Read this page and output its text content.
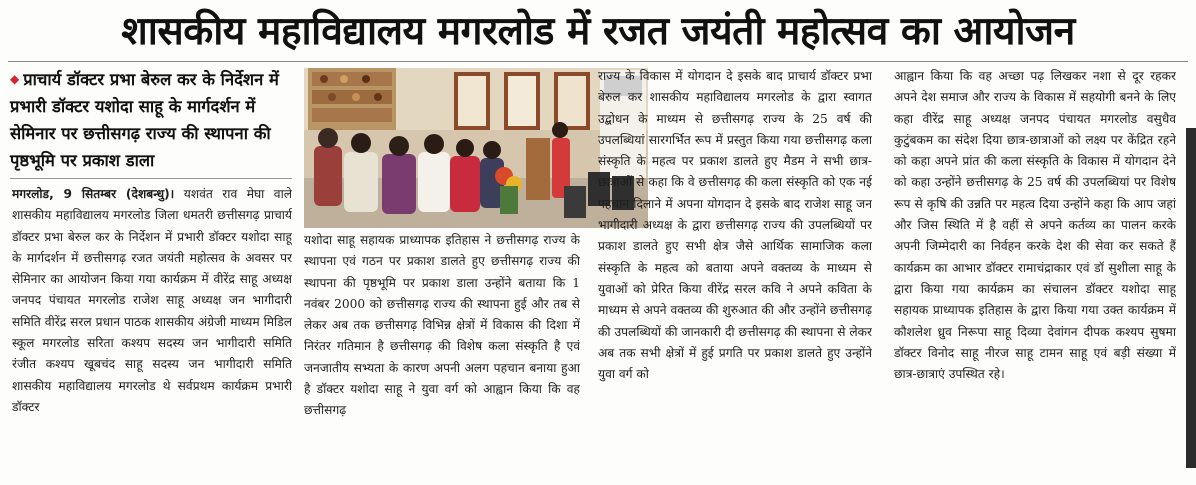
शासकीय महाविद्यालय मगरलोड में रजत जयंती महोत्सव का आयोजन
◆ प्राचार्य डॉक्टर प्रभा बेरुल कर के निर्देशन में प्रभारी डॉक्टर यशोदा साहू के मार्गदर्शन में सेमिनार पर छत्तीसगढ़ राज्य की स्थापना की पृष्ठभूमि पर प्रकाश डाला
मगरलोड, 9 सितम्बर (देशबन्धु)। यशवंत राव मेघा वाले शासकीय महाविद्यालय मगरलोड जिला धमतरी छत्तीसगढ़ प्राचार्य डॉक्टर प्रभा बेरुल कर के निर्देशन में प्रभारी डॉक्टर यशोदा साहू के मार्गदर्शन में छत्तीसगढ़ रजत जयंती महोत्सव के अवसर पर सेमिनार का आयोजन किया गया कार्यक्रम में वीरेंद्र साहू अध्यक्ष जनपद पंचायत मगरलोड राजेश साहू अध्यक्ष जन भागीदारी समिति वीरेंद्र सरल प्रधान पाठक शासकीय अंग्रेजी माध्यम मिडिल स्कूल मगरलोड सरिता कश्यप सदस्य जन भागीदारी समिति रंजीत कश्यप खूबचंद साहू सदस्य जन भागीदारी समिति शासकीय महाविद्यालय मगरलोड थे सर्वप्रथम कार्यक्रम प्रभारी डॉक्टर
यशोदा साहू सहायक प्राध्यापक इतिहास ने छत्तीसगढ़ राज्य के स्थापना एवं गठन पर प्रकाश डालते हुए छत्तीसगढ़ राज्य की स्थापना की पृष्ठभूमि पर प्रकाश डाला उन्होंने बताया कि 1 नवंबर 2000 को छत्तीसगढ़ राज्य की स्थापना हुई और तब से लेकर अब तक छत्तीसगढ़ विभिन्न क्षेत्रों में विकास की दिशा में निरंतर गतिमान है छत्तीसगढ़ की विशेष कला संस्कृति है एवं जनजातीय सभ्यता के कारण अपनी अलग पहचान बनाया हुआ है डॉक्टर यशोदा साहू ने युवा वर्ग को आह्वान किया कि वह छत्तीसगढ़
राज्य के विकास में योगदान दे इसके बाद प्राचार्य डॉक्टर प्रभा बेरुल कर शासकीय महाविद्यालय मगरलोड के द्वारा स्वागत उद्बोधन के माध्यम से छत्तीसगढ़ राज्य के 25 वर्ष की उपलब्धियां सारगर्भित रूप में प्रस्तुत किया गया छत्तीसगढ़ कला संस्कृति के महत्व पर प्रकाश डालते हुए मैडम ने सभी छात्र-छात्राओं से कहा कि वे छत्तीसगढ़ की कला संस्कृति को एक नई पहचान दिलाने में अपना योगदान दे इसके बाद राजेश साहू जन भागीदारी अध्यक्ष के द्वारा छत्तीसगढ़ राज्य की उपलब्धियों पर प्रकाश डालते हुए सभी क्षेत्र जैसे आर्थिक सामाजिक कला संस्कृति के महत्व को बताया अपने वक्तव्य के माध्यम से युवाओं को प्रेरित किया वीरेंद्र सरल कवि ने अपने कविता के माध्यम से अपने वक्तव्य की शुरुआत की और उन्होंने छत्तीसगढ़ की उपलब्धियों की जानकारी दी छत्तीसगढ़ की स्थापना से लेकर अब तक सभी क्षेत्रों में हुई प्रगति पर प्रकाश डालते हुए उन्होंने युवा वर्ग को
आह्वान किया कि वह अच्छा पढ़ लिखकर नशा से दूर रहकर अपने देश समाज और राज्य के विकास में सहयोगी बनने के लिए कहा वीरेंद्र साहू अध्यक्ष जनपद पंचायत मगरलोड वसुधैव कुटुंबकम का संदेश दिया छात्र-छात्राओं को लक्ष्य पर केंद्रित रहने को कहा अपने प्रांत की कला संस्कृति के विकास में योगदान देने को कहा उन्होंने छत्तीसगढ़ के 25 वर्ष की उपलब्धियां पर विशेष रूप से कृषि की उन्नति पर महत्व दिया उन्होंने कहा कि आप जहां और जिस स्थिति में है वहीं से अपने कर्तव्य का पालन करके अपनी जिम्मेदारी का निर्वहन करके देश की सेवा कर सकते हैं कार्यक्रम का आभार डॉक्टर रामाचंद्राकार एवं डॉ सुशीला साहू के द्वारा किया गया कार्यक्रम का संचालन डॉक्टर यशोदा साहू सहायक प्राध्यापक इतिहास के द्वारा किया गया उक्त कार्यक्रम में कौशलेश ध्रुव निरूपा साहू दिव्या देवांगन दीपक कश्यप सुषमा डॉक्टर विनोद साहू नीरज साहू टामन साहू एवं बड़ी संख्या में छात्र-छात्राएं उपस्थित रहे।
